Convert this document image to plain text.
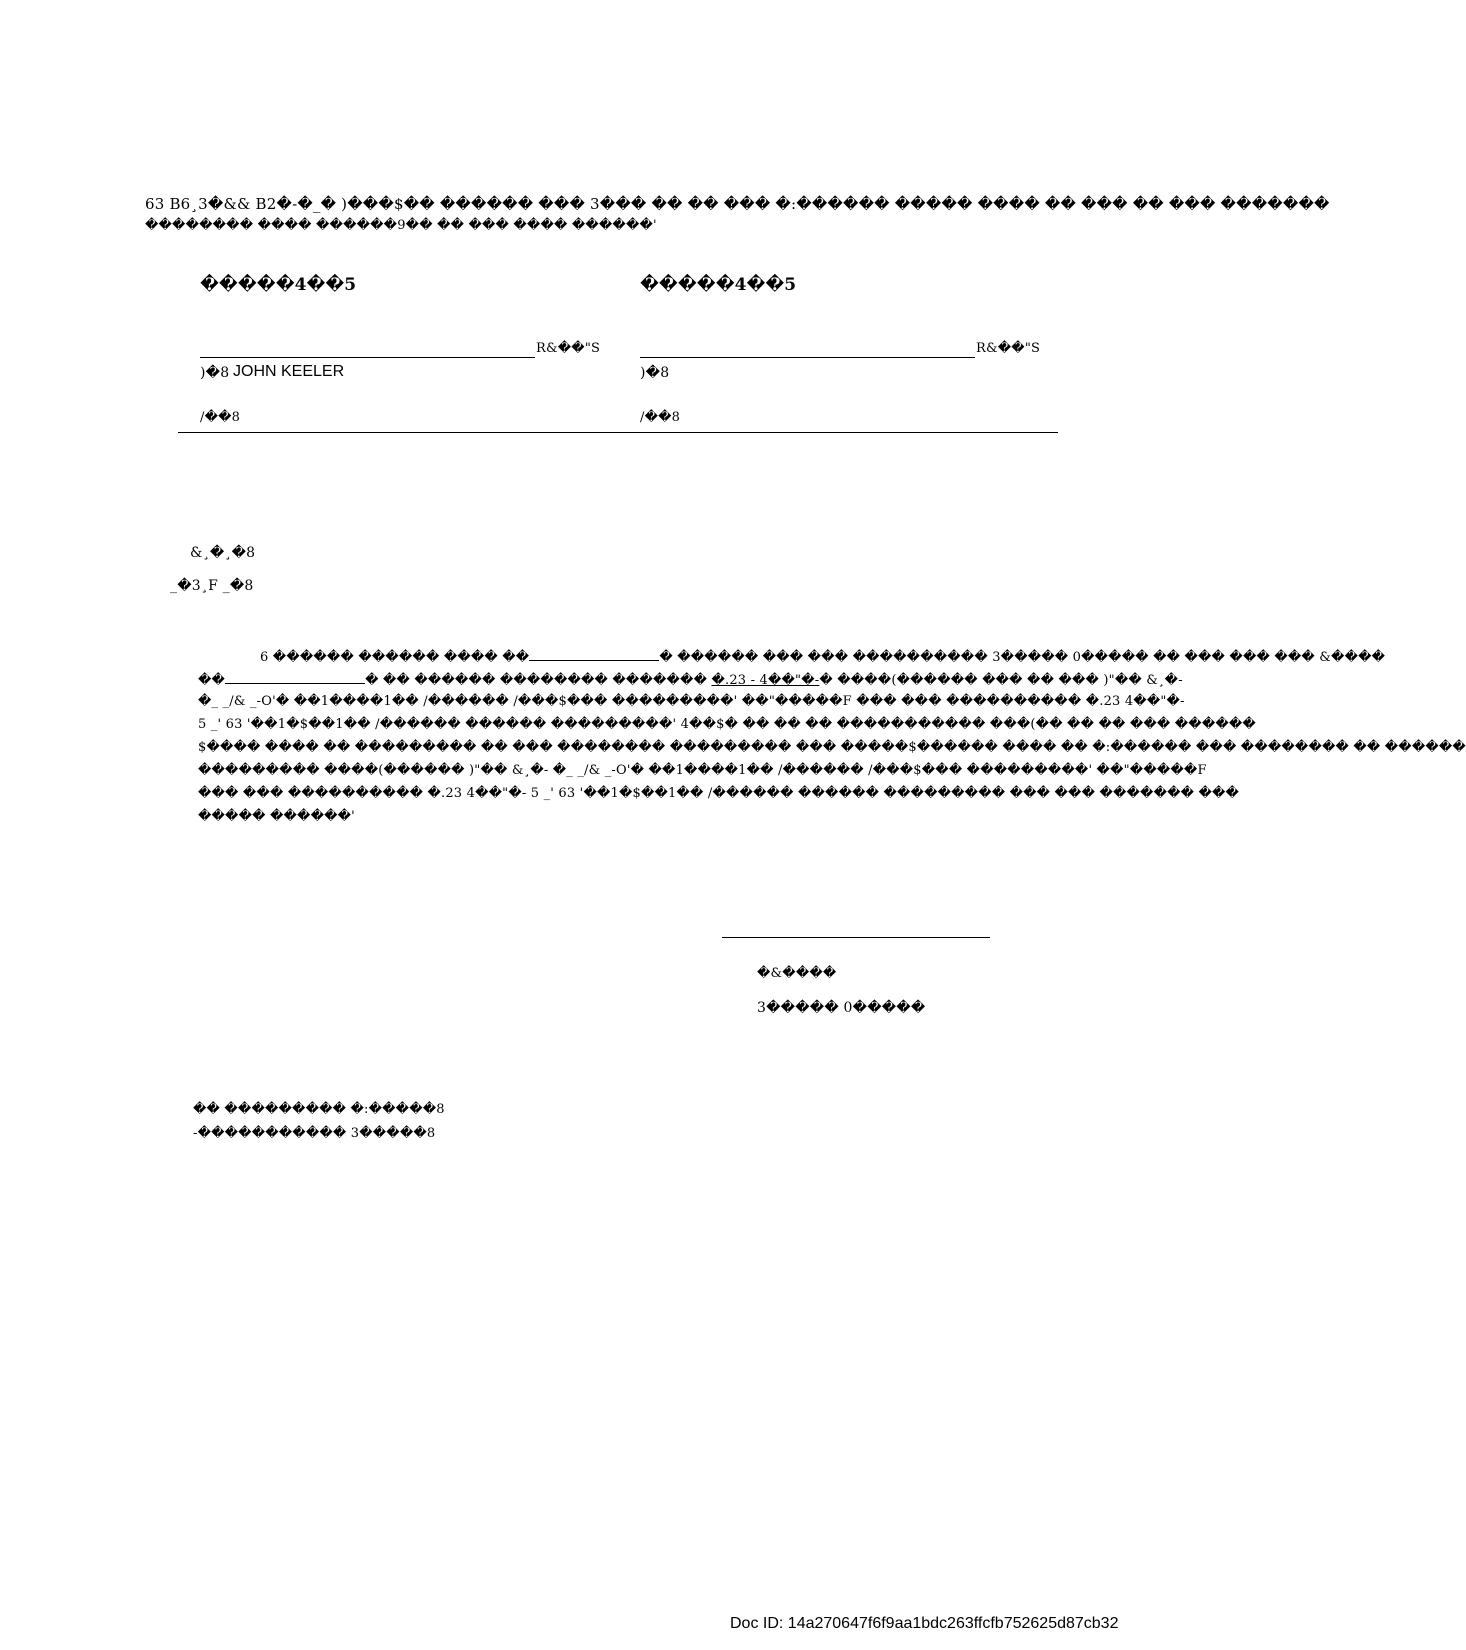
63 B6¸3�&& B2�-�_� )���$�� ������ ��� 3��� �� �� ��� �:������ ����� ���� �� ��� �� ��� �������
�������� ���� ������9�� �� ��� ���� ������'
�����4��5
R&��"S
)�8 JOHN KEELER
/��8
�����4��5
R&��"S
)�8
/��8
&¸�¸�8
_�3¸F _�8
6 ������ ������ ���� ��	� ������ ��� ��� ���������� 3����� 0����� �� ��� ��� ��� &����
��	� �� ������ �������� ������� �.23 - 4��"�-� ����(������ ��� �� ��� )"�� &¸�-
�_ _/& _-O'� ��1����1�� /������ /���$��� ���������' ��"�����F ��� ��� ���������� �.23 4��"�-
5 _' 63 '��1�$��1�� /������ ������ ���������' 4��$� �� �� �� ����������� ���(�� �� �� ��� ������
$���� ���� �� ��������� �� ��� �������� ��������� ��� �����$������ ���� �� �:������ ��� �������� �� ������
��������� ����(������ )"�� &¸�- �_ _/& _-O'� ��1����1�� /������ /���$��� ���������' ��"�����F
��� ��� ���������� �.23 4��"�- 5 _' 63 '��1�$��1�� /������ ������ ��������� ��� ��� ������� ���
����� ������'
�&����
3����� 0�����
�� ��������� �:�����8
-����������� 3�����8
Doc ID: 14a270647f6f9aa1bdc263ffcfb752625d87cb32
